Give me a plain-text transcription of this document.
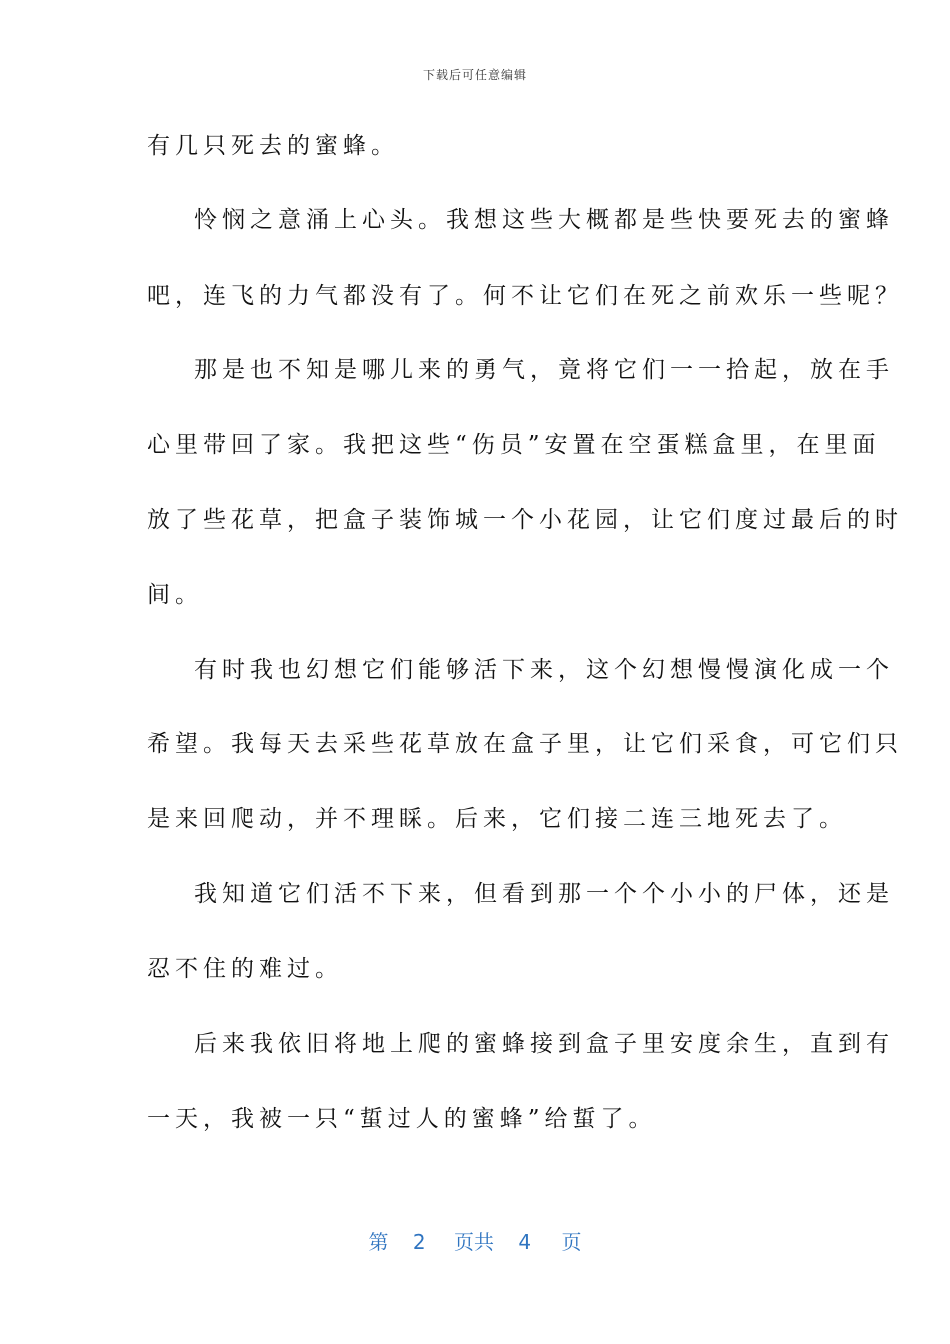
下载后可任意编辑
有几只死去的蜜蜂。
怜悯之意涌上心头。我想这些大概都是些快要死去的蜜蜂
吧，连飞的力气都没有了。何不让它们在死之前欢乐一些呢？
那是也不知是哪儿来的勇气，竟将它们一一拾起，放在手
心里带回了家。我把这些“伤员”安置在空蛋糕盒里，在里面
放了些花草，把盒子装饰城一个小花园，让它们度过最后的时
间。
有时我也幻想它们能够活下来，这个幻想慢慢演化成一个
希望。我每天去采些花草放在盒子里，让它们采食，可它们只
是来回爬动，并不理睬。后来，它们接二连三地死去了。
我知道它们活不下来，但看到那一个个小小的尸体，还是
忍不住的难过。
后来我依旧将地上爬的蜜蜂接到盒子里安度余生，直到有
一天，我被一只“蜇过人的蜜蜂”给蜇了。
第 2 页共 4 页
